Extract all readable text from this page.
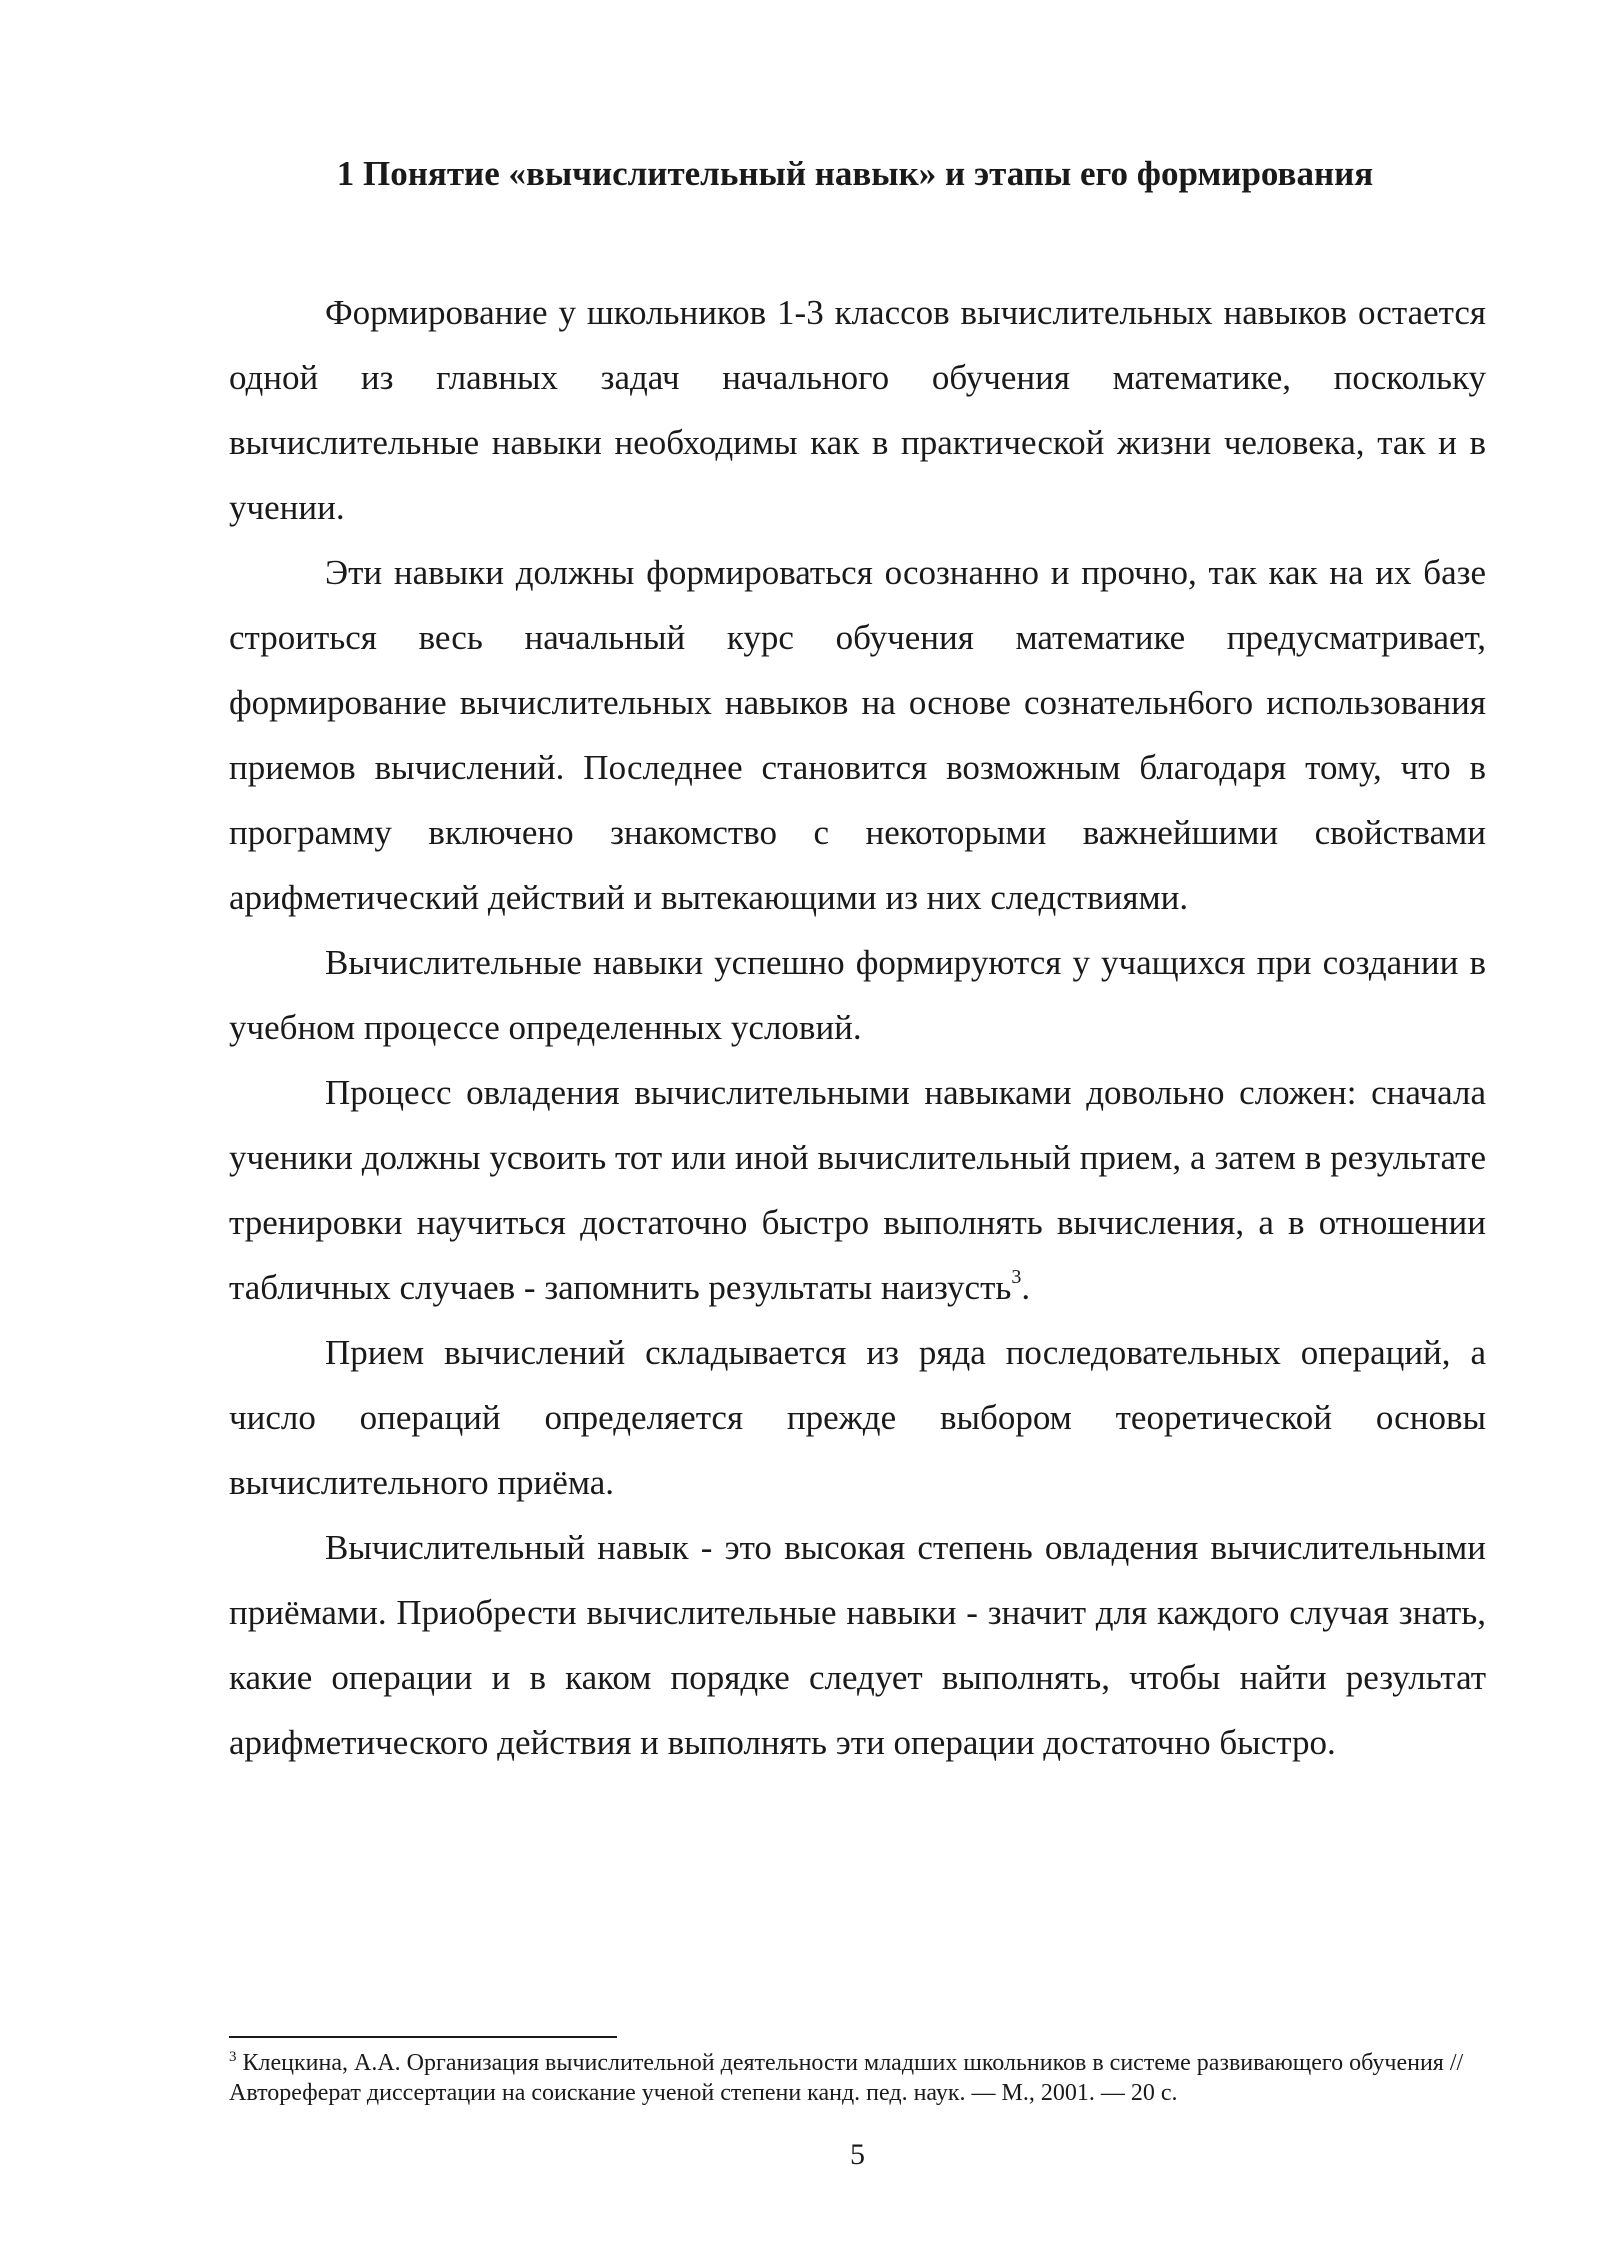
1 Понятие «вычислительный навык» и этапы его формирования

Формирование у школьников 1-3 классов вычислительных навыков остается одной из главных задач начального обучения математике, поскольку вычислительные навыки необходимы как в практической жизни человека, так и в учении.

Эти навыки должны формироваться осознанно и прочно, так как на их базе строиться весь начальный курс обучения математике предусматривает, формирование вычислительных навыков на основе сознательн6ого использования приемов вычислений. Последнее становится возможным благодаря тому, что в программу включено знакомство с некоторыми важнейшими свойствами арифметический действий и вытекающими из них следствиями.

Вычислительные навыки успешно формируются у учащихся при создании в учебном процессе определенных условий.

Процесс овладения вычислительными навыками довольно сложен: сначала ученики должны усвоить тот или иной вычислительный прием, а затем в результате тренировки научиться достаточно быстро выполнять вычисления, а в отношении табличных случаев - запомнить результаты наизусть$^3$.

Прием вычислений складывается из ряда последовательных операций, а число операций определяется прежде выбором теоретической основы вычислительного приёма.

Вычислительный навык - это высокая степень овладения вычислительными приёмами. Приобрести вычислительные навыки - значит для каждого случая знать, какие операции и в каком порядке следует выполнять, чтобы найти результат арифметического действия и выполнять эти операции достаточно быстро.

$^3$ Клецкина, А.А. Организация вычислительной деятельности младших школьников в системе развивающего обучения // Автореферат диссертации на соискание ученой степени канд. пед. наук. — М., 2001. — 20 с.

5
